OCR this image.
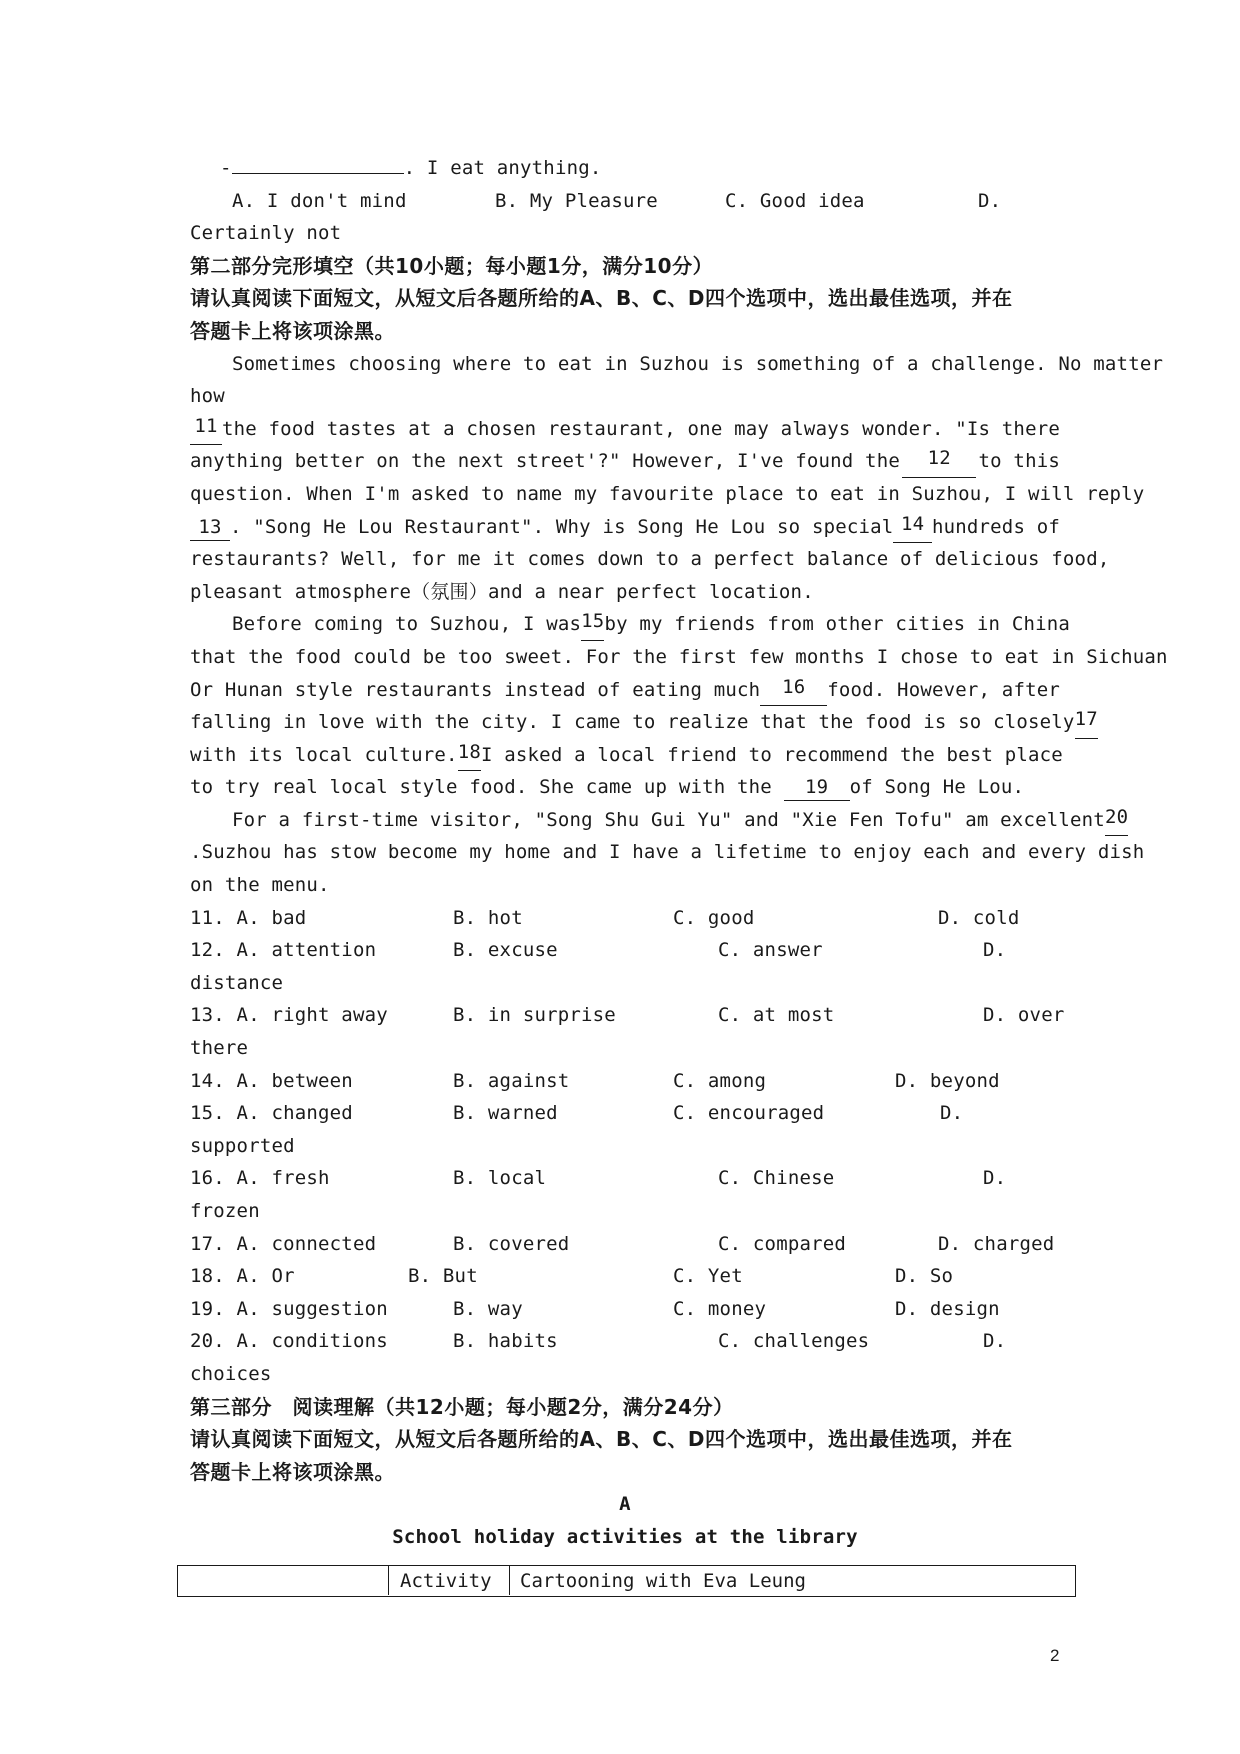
-	. I eat anything.

A. I don't mind

	B. My Pleasure

	C. Good idea

	D.

Certainly not
第二部分完形填空（共10小题；每小题1分，满分10分）
请认真阅读下面短文，从短文后各题所给的A、B、C、D四个选项中，选出最佳选项，并在
答题卡上将该项涂黑。
Sometimes choosing where to eat in Suzhou is something of a challenge. No matter
how
11 the food tastes at a chosen restaurant, one may always wonder. "Is there
anything better on the next street'?" However, I've found the	12	to this
question. When I'm asked to name my favourite place to eat in Suzhou, I will reply
13 . "Song He Lou Restaurant". Why is Song He Lou so special 14 hundreds of
restaurants? Well, for me it comes down to a perfect balance of delicious food,
pleasant atmosphere（氛围）and a near perfect location.
Before coming to Suzhou, I was 15 by my friends from other cities in China
that the food could be too sweet. For the first few months I chose to eat in Sichuan
Or Hunan style restaurants instead of eating much	16	food. However, after
falling in love with the city. I came to realize that the food is so closely 17
with its local culture. 18 I asked a local friend to recommend the best place
to try real local style food. She came up with the 19 of Song He Lou.
For a first-time visitor, "Song Shu Gui Yu" and "Xie Fen Tofu" am excellent 20
.Suzhou has stow become my home and I have a lifetime to enjoy each and every dish
on the menu.

11. A. bad

	B. hot

	C. good

	D. cold

12. A. attention

	B. excuse

	C. answer

	D.

distance

13. A. right away

	B. in surprise

	C. at most

	D. over

there

14. A. between

	B. against

	C. among

	D. beyond

15. A. changed

	B. warned

	C. encouraged

	D.

supported

16. A. fresh

	B. local

	C. Chinese

	D.

frozen

17. A. connected

	B. covered

	C. compared

	D. charged

18. A. Or

	B. But

	C. Yet

	D. So

19. A. suggestion

	B. way

	C. money

	D. design

20. A. conditions

	B. habits

	C. challenges

	D.

choices
第三部分　阅读理解（共12小题；每小题2分，满分24分）
请认真阅读下面短文，从短文后各题所给的A、B、C、D四个选项中，选出最佳选项，并在
答题卡上将该项涂黑。
A
School holiday activities at the library
Activity Cartooning with Eva Leung
2
